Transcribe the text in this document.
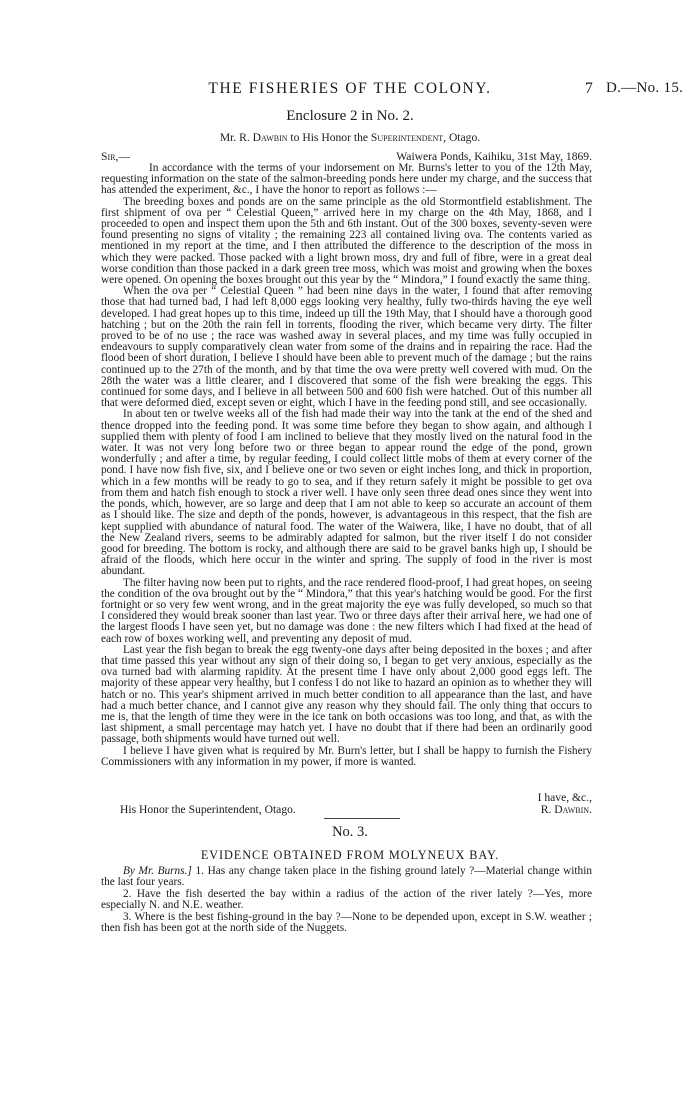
THE FISHERIES OF THE COLONY.	7 D.—No. 15.
Enclosure 2 in No. 2.
Mr. R. Dawbin to His Honor the Superintendent, Otago.
Sir,—	Waiwera Ponds, Kaihiku, 31st May, 1869.

In accordance with the terms of your indorsement on Mr. Burns's letter to you of the 12th May, requesting information on the state of the salmon-breeding ponds here under my charge, and the success that has attended the experiment, &c., I have the honor to report as follows :—

The breeding boxes and ponds are on the same principle as the old Stormontfield establishment. The first shipment of ova per “ Celestial Queen,” arrived here in my charge on the 4th May, 1868, and I proceeded to open and inspect them upon the 5th and 6th instant. Out of the 300 boxes, seventy-seven were found presenting no signs of vitality ; the remaining 223 all contained living ova. The contents varied as mentioned in my report at the time, and I then attributed the difference to the description of the moss in which they were packed. Those packed with a light brown moss, dry and full of fibre, were in a great deal worse condition than those packed in a dark green tree moss, which was moist and growing when the boxes were opened. On opening the boxes brought out this year by the “ Mindora,” I found exactly the same thing.

When the ova per “ Celestial Queen ” had been nine days in the water, I found that after removing those that had turned bad, I had left 8,000 eggs looking very healthy, fully two-thirds having the eye well developed. I had great hopes up to this time, indeed up till the 19th May, that I should have a thorough good hatching ; but on the 20th the rain fell in torrents, flooding the river, which became very dirty. The filter proved to be of no use ; the race was washed away in several places, and my time was fully occupied in endeavours to supply comparatively clean water from some of the drains and in repairing the race. Had the flood been of short duration, I believe I should have been able to prevent much of the damage ; but the rains continued up to the 27th of the month, and by that time the ova were pretty well covered with mud. On the 28th the water was a little clearer, and I discovered that some of the fish were breaking the eggs. This continued for some days, and I believe in all between 500 and 600 fish were hatched. Out of this number all that were deformed died, except seven or eight, which I have in the feeding pond still, and see occasionally.

In about ten or twelve weeks all of the fish had made their way into the tank at the end of the shed and thence dropped into the feeding pond. It was some time before they began to show again, and although I supplied them with plenty of food I am inclined to believe that they mostly lived on the natural food in the water. It was not very long before two or three began to appear round the edge of the pond, grown wonderfully ; and after a time, by regular feeding, I could collect little mobs of them at every corner of the pond. I have now fish five, six, and I believe one or two seven or eight inches long, and thick in proportion, which in a few months will be ready to go to sea, and if they return safely it might be possible to get ova from them and hatch fish enough to stock a river well. I have only seen three dead ones since they went into the ponds, which, however, are so large and deep that I am not able to keep so accurate an account of them as I should like. The size and depth of the ponds, however, is advantageous in this respect, that the fish are kept supplied with abundance of natural food. The water of the Waiwera, like, I have no doubt, that of all the New Zealand rivers, seems to be admirably adapted for salmon, but the river itself I do not consider good for breeding. The bottom is rocky, and although there are said to be gravel banks high up, I should be afraid of the floods, which here occur in the winter and spring. The supply of food in the river is most abundant.

The filter having now been put to rights, and the race rendered flood-proof, I had great hopes, on seeing the condition of the ova brought out by the “ Mindora,” that this year's hatching would be good. For the first fortnight or so very few went wrong, and in the great majority the eye was fully developed, so much so that I considered they would break sooner than last year. Two or three days after their arrival here, we had one of the largest floods I have seen yet, but no damage was done : the new filters which I had fixed at the head of each row of boxes working well, and preventing any deposit of mud.

Last year the fish began to break the egg twenty-one days after being deposited in the boxes ; and after that time passed this year without any sign of their doing so, I began to get very anxious, especially as the ova turned bad with alarming rapidity. At the present time I have only about 2,000 good eggs left. The majority of these appear very healthy, but I confess I do not like to hazard an opinion as to whether they will hatch or no. This year's shipment arrived in much better condition to all appearance than the last, and have had a much better chance, and I cannot give any reason why they should fail. The only thing that occurs to me is, that the length of time they were in the ice tank on both occasions was too long, and that, as with the last shipment, a small percentage may hatch yet. I have no doubt that if there had been an ordinarily good passage, both shipments would have turned out well.

I believe I have given what is required by Mr. Burn's letter, but I shall be happy to furnish the Fishery Commissioners with any information in my power, if more is wanted.

I have, &c.,
His Honor the Superintendent, Otago.	R. Dawbin.
No. 3.
EVIDENCE OBTAINED FROM MOLYNEUX BAY.

By Mr. Burns.] 1. Has any change taken place in the fishing ground lately ?—Material change within the last four years.

2. Have the fish deserted the bay within a radius of the action of the river lately ?—Yes, more especially N. and N.E. weather.

3. Where is the best fishing-ground in the bay ?—None to be depended upon, except in S.W. weather ; then fish has been got at the north side of the Nuggets.
